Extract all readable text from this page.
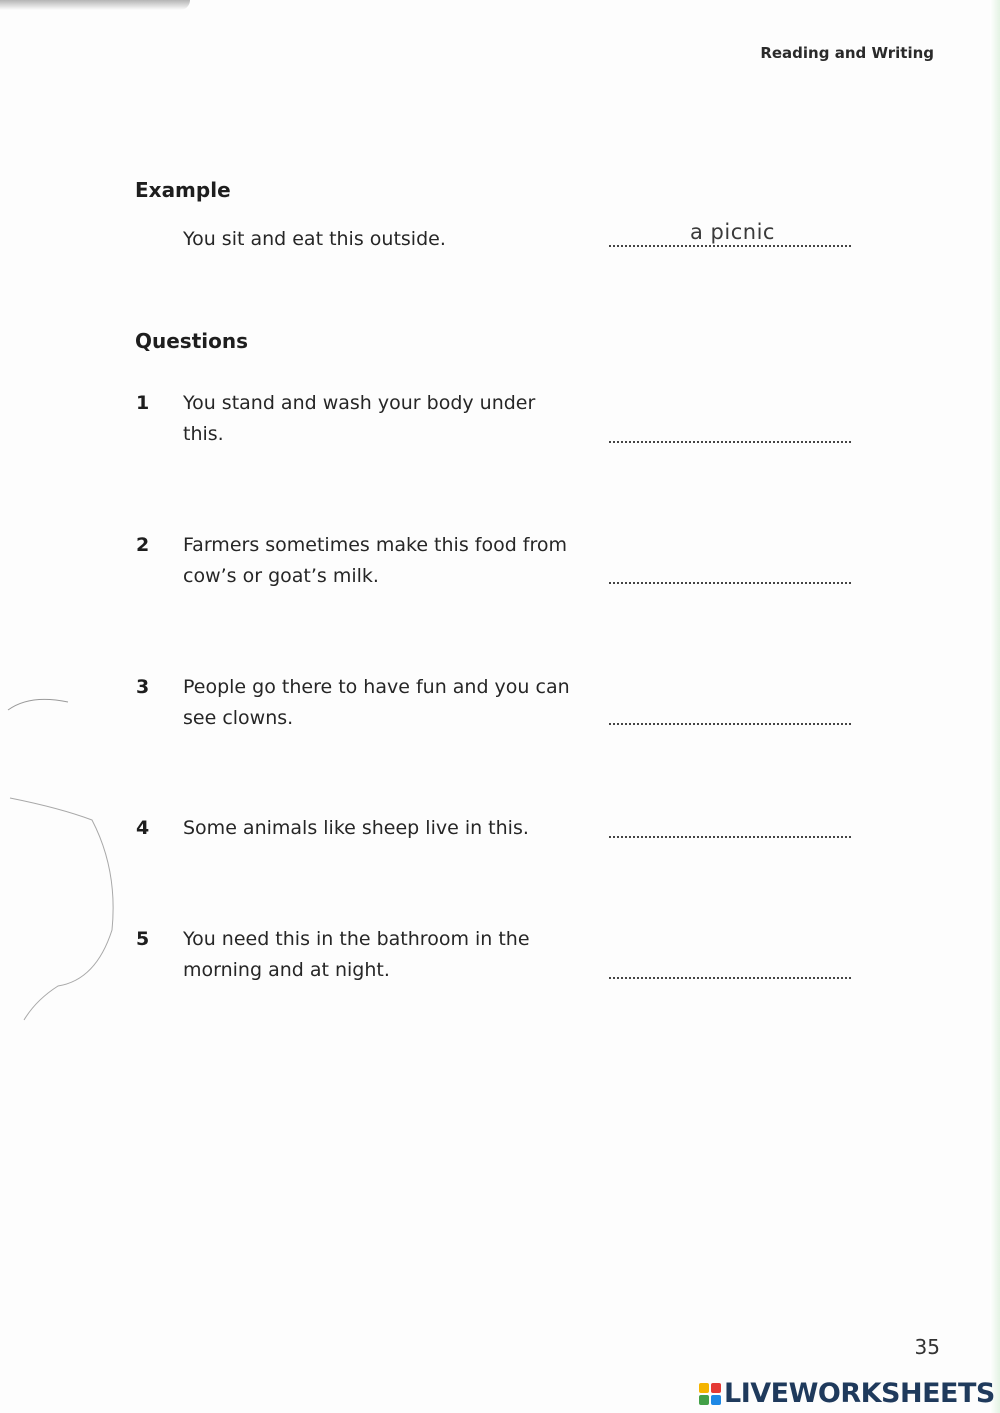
Reading and Writing
Example
You sit and eat this outside.	a picnic
Questions
1 You stand and wash your body under
this.
2 Farmers sometimes make this food from
cow’s or goat’s milk.
3 People go there to have fun and you can
see clowns.
4 Some animals like sheep live in this.
5 You need this in the bathroom in the
morning and at night.
35
LIVEWORKSHEETS
